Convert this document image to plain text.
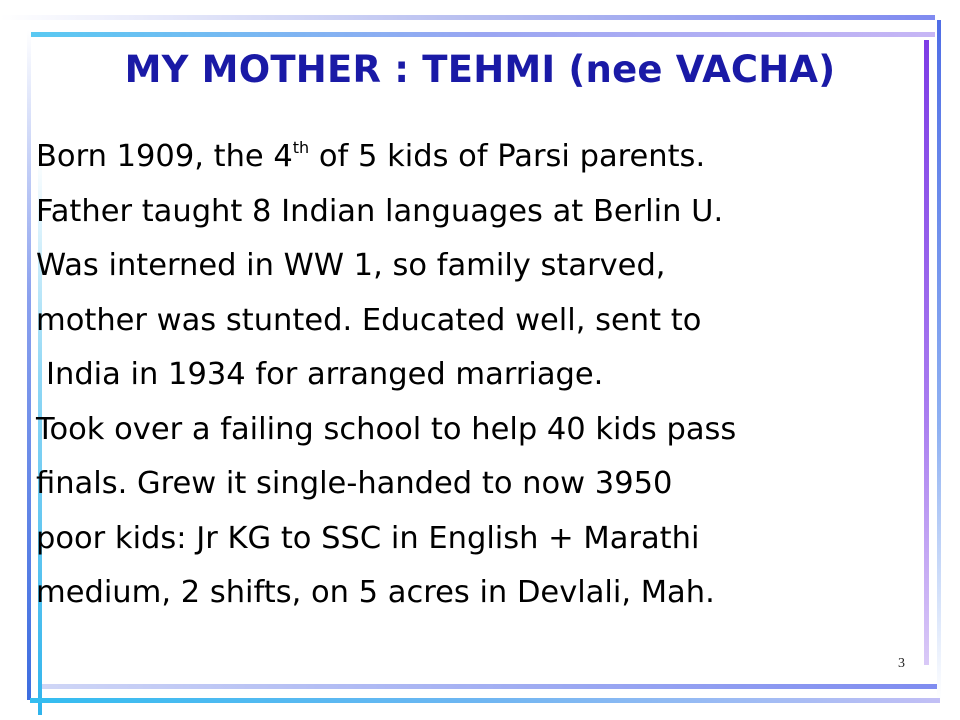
MY MOTHER : TEHMI (nee VACHA)
Born 1909, the 4th of 5 kids of Parsi parents.
Father taught 8 Indian languages at Berlin U.
Was interned in WW 1, so family starved,
mother was stunted. Educated well, sent to
India in 1934 for arranged marriage.
Took over a failing school to help 40 kids pass
finals. Grew it single-handed to now 3950
poor kids: Jr KG to SSC in English + Marathi
medium, 2 shifts, on 5 acres in Devlali, Mah.
3
